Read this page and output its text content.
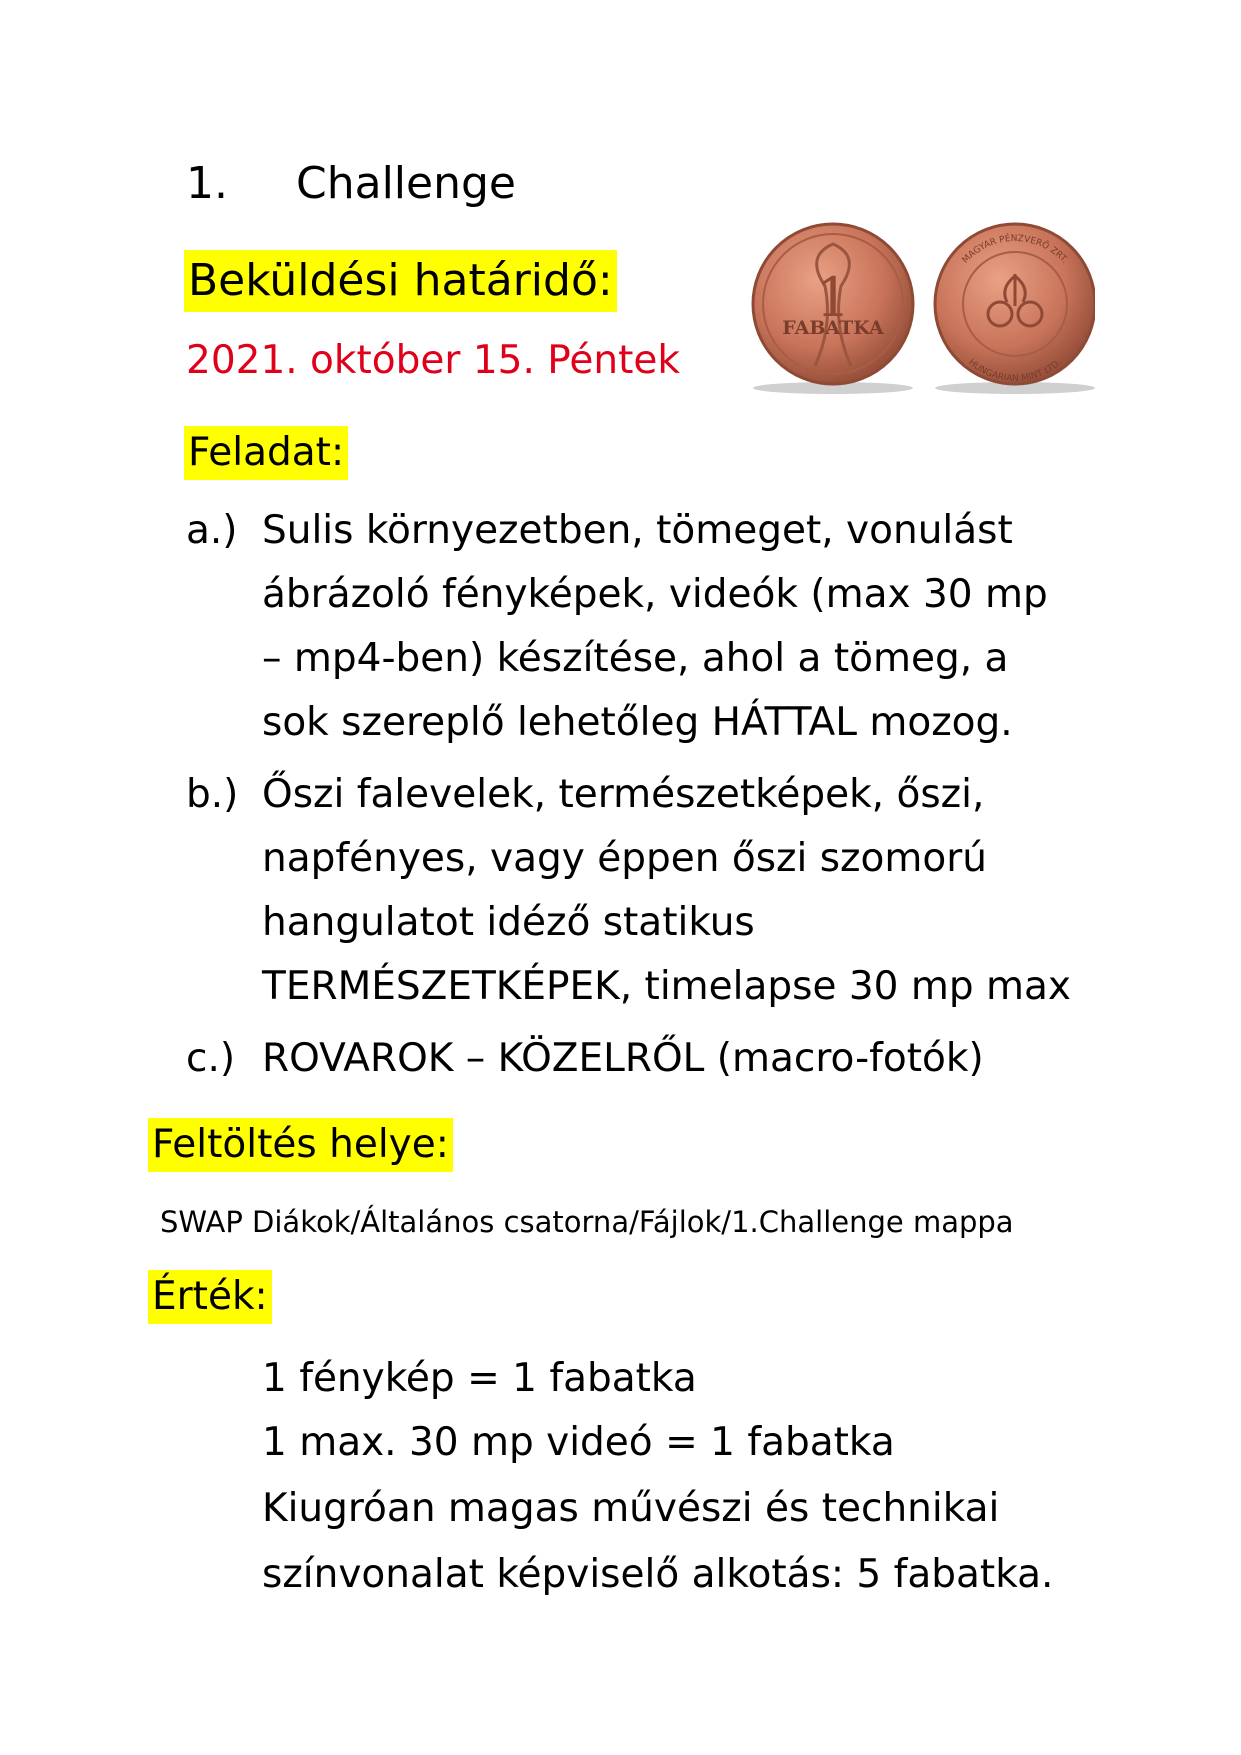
1. Challenge
Beküldési határidő:
2021. október 15. Péntek
1
FABATKA
MAGYAR PÉNZVERŐ ZRT.
HUNGARIAN MINT LTD.
Feladat:
a.) Sulis környezetben, tömeget, vonulást
ábrázoló fényképek, videók (max 30 mp
– mp4-ben) készítése, ahol a tömeg, a
sok szereplő lehetőleg HÁTTAL mozog.
b.) Őszi falevelek, természetképek, őszi,
napfényes, vagy éppen őszi szomorú
hangulatot idéző statikus
TERMÉSZETKÉPEK, timelapse 30 mp max
c.) ROVAROK – KÖZELRŐL (macro-fotók)
Feltöltés helye:
SWAP Diákok/Általános csatorna/Fájlok/1.Challenge mappa
Érték:
1 fénykép = 1 fabatka
1 max. 30 mp videó = 1 fabatka
Kiugróan magas művészi és technikai
színvonalat képviselő alkotás: 5 fabatka.
